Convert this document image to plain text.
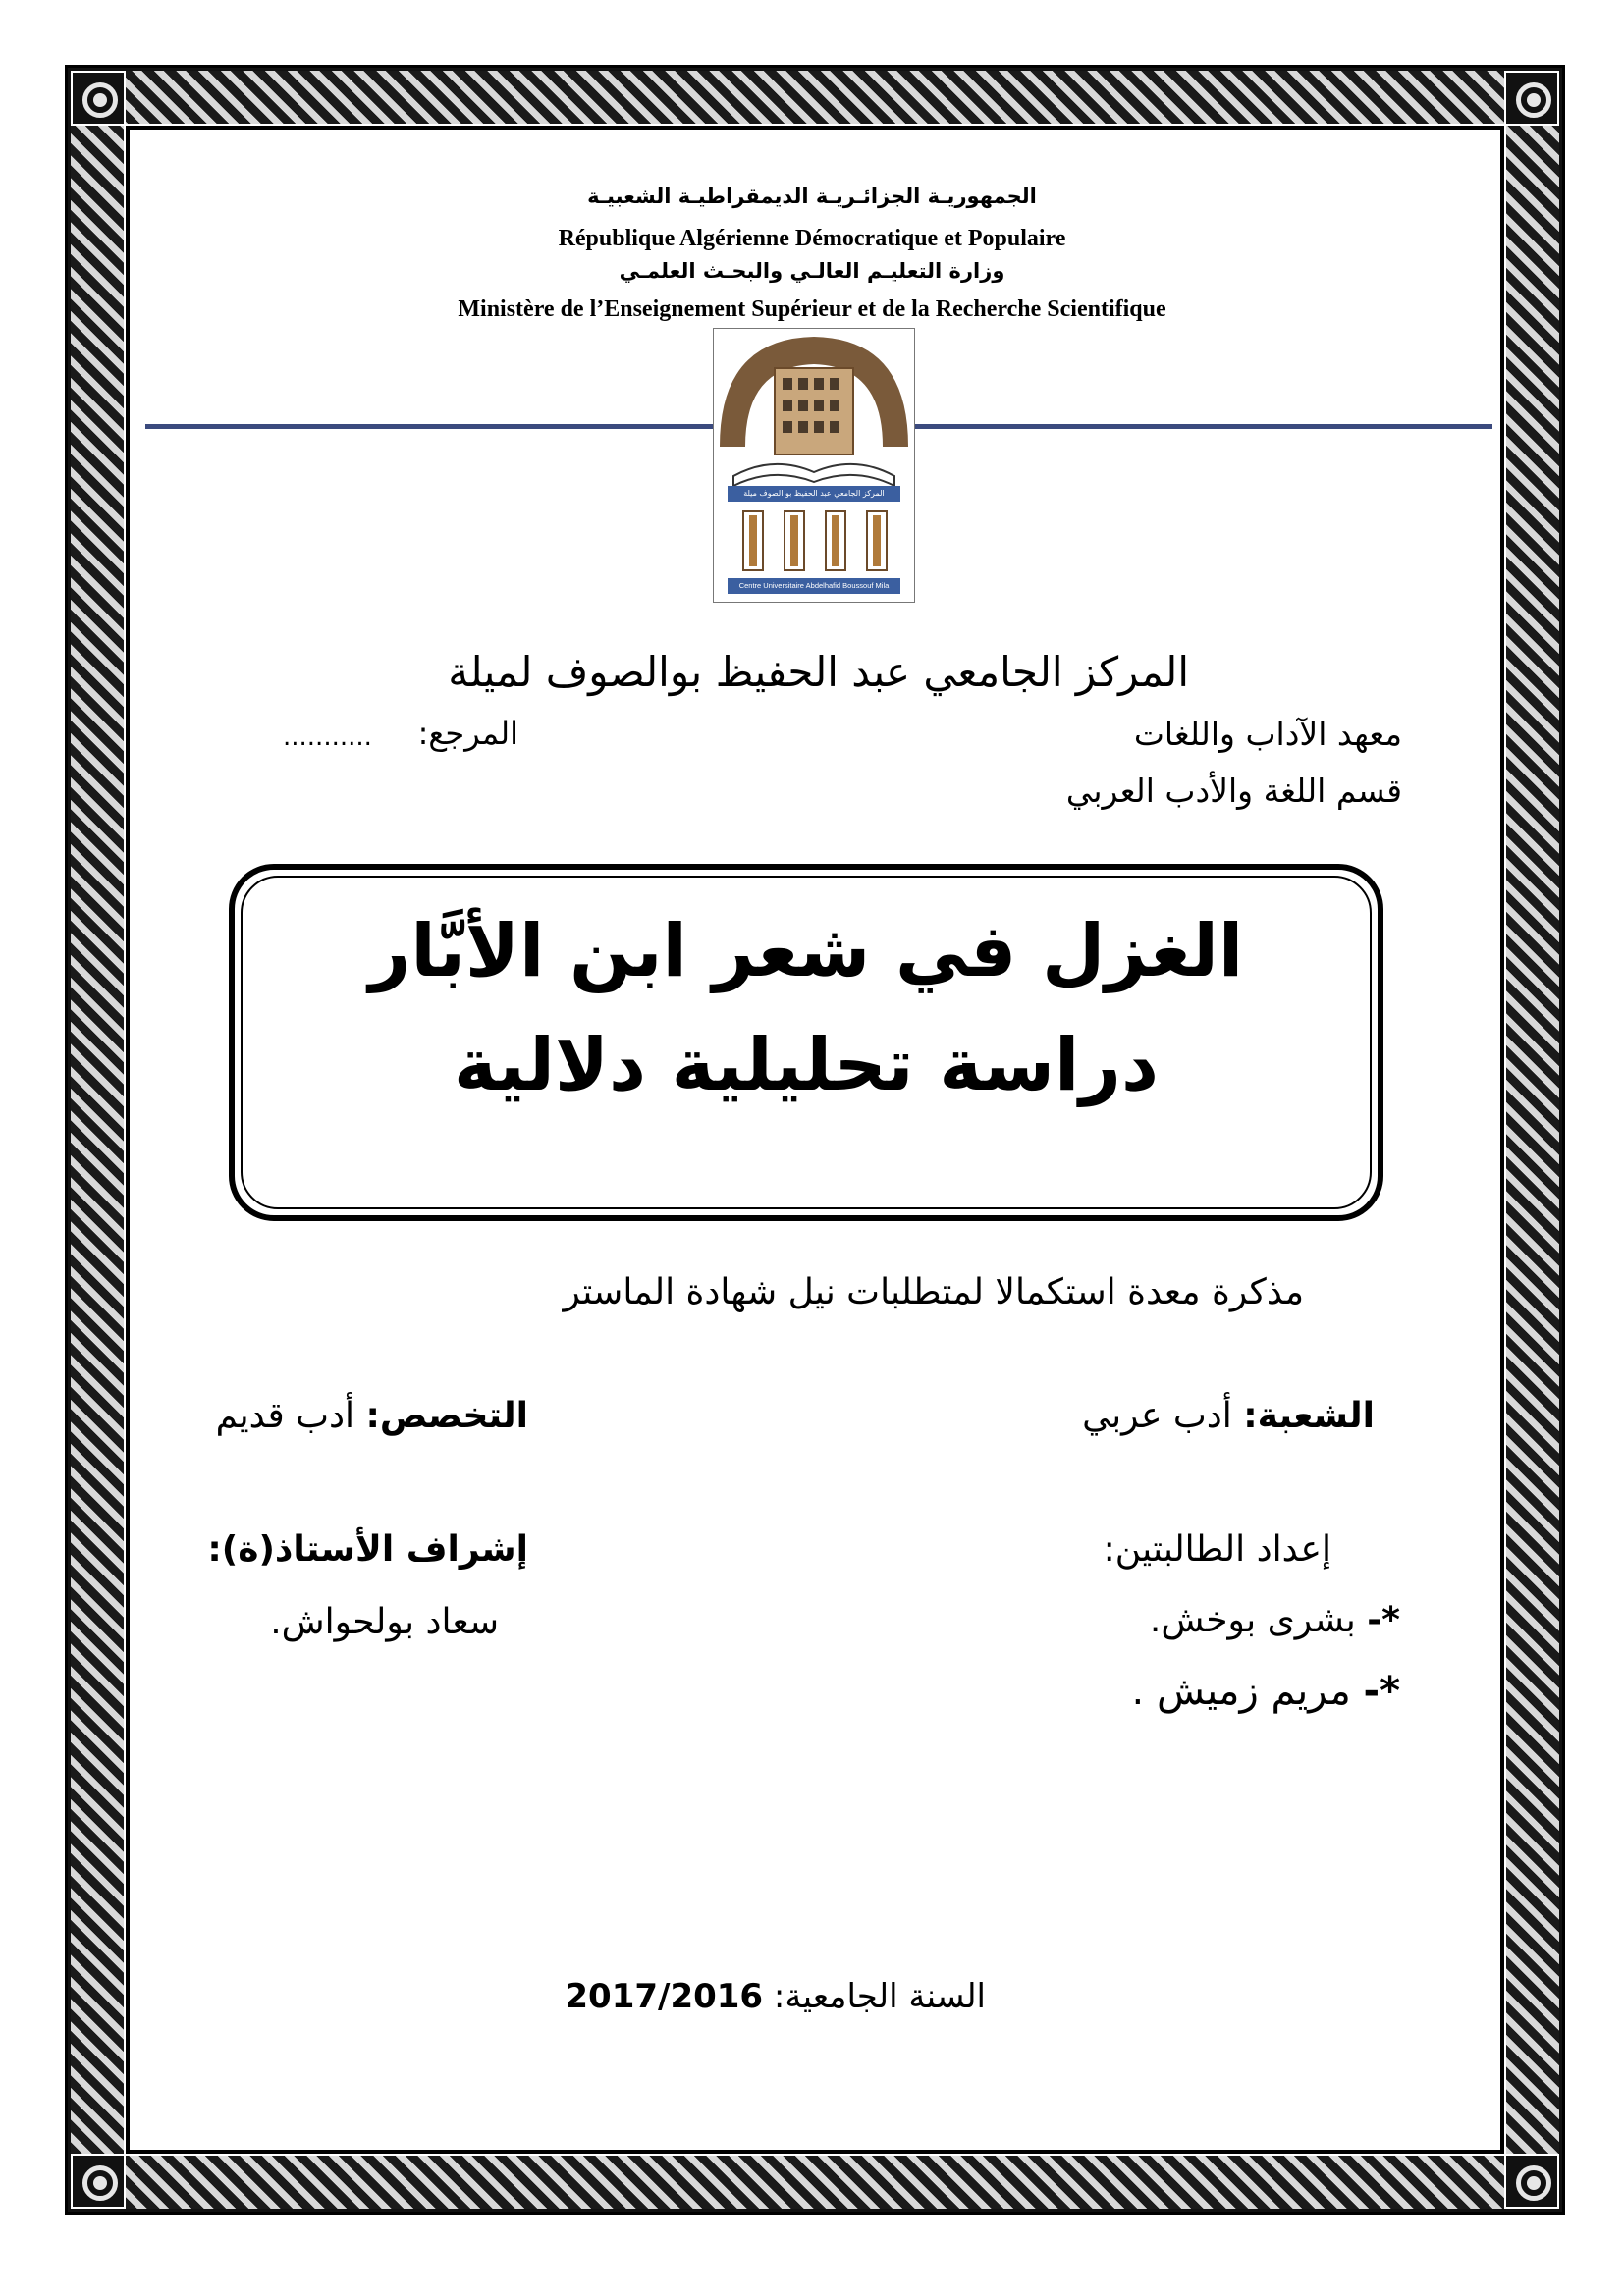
الجمهوريـة الجزائـريـة الديمقراطيـة الشعبيـة
République Algérienne Démocratique et Populaire
وزارة التعليـم العالـي والبحـث العلمـي
Ministère de l’Enseignement Supérieur et de la Recherche Scientifique
المركز الجامعي عبد الحفيظ بو الصوف ميلة
Centre Universitaire Abdelhafid Boussouf Mila
المركز الجامعي عبد الحفيظ بوالصوف لميلة
معهد الآداب واللغات
المرجع:
...........
قسم اللغة والأدب العربي
الغزل في شعر ابن الأبَّار
دراسة تحليلية دلالية
مذكرة معدة استكمالا لمتطلبات نيل شهادة الماستر
الشعبة: أدب عربي
التخصص: أدب قديم
إعداد الطالبتين:
إشراف الأستاذ(ة):
*- بشرى بوخش.
*- مريم زميش .
سعاد بولحواش.
السنة الجامعية: 2017/2016
